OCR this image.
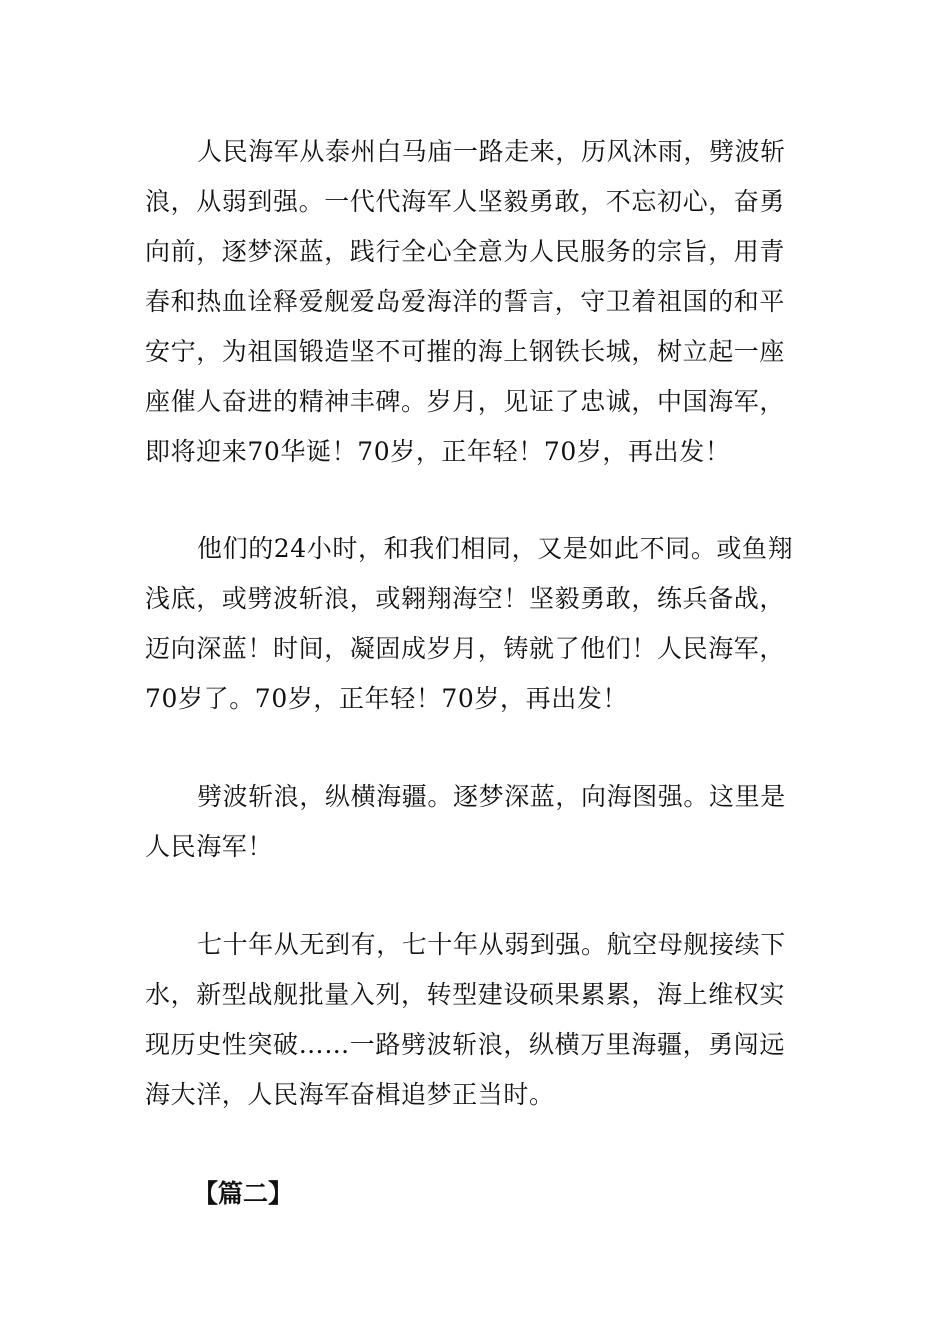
人民海军从泰州白马庙一路走来，历风沐雨，劈波斩
浪，从弱到强。一代代海军人坚毅勇敢，不忘初心，奋勇
向前，逐梦深蓝，践行全心全意为人民服务的宗旨，用青
春和热血诠释爱舰爱岛爱海洋的誓言，守卫着祖国的和平
安宁，为祖国锻造坚不可摧的海上钢铁长城，树立起一座
座催人奋进的精神丰碑。岁月，见证了忠诚，中国海军，
即将迎来70华诞！70岁，正年轻！70岁，再出发！
他们的24小时，和我们相同，又是如此不同。或鱼翔
浅底，或劈波斩浪，或翱翔海空！坚毅勇敢，练兵备战，
迈向深蓝！时间，凝固成岁月，铸就了他们！人民海军，
70岁了。70岁，正年轻！70岁，再出发！
劈波斩浪，纵横海疆。逐梦深蓝，向海图强。这里是
人民海军！
七十年从无到有，七十年从弱到强。航空母舰接续下
水，新型战舰批量入列，转型建设硕果累累，海上维权实
现历史性突破……一路劈波斩浪，纵横万里海疆，勇闯远
海大洋，人民海军奋楫追梦正当时。
【篇二】
